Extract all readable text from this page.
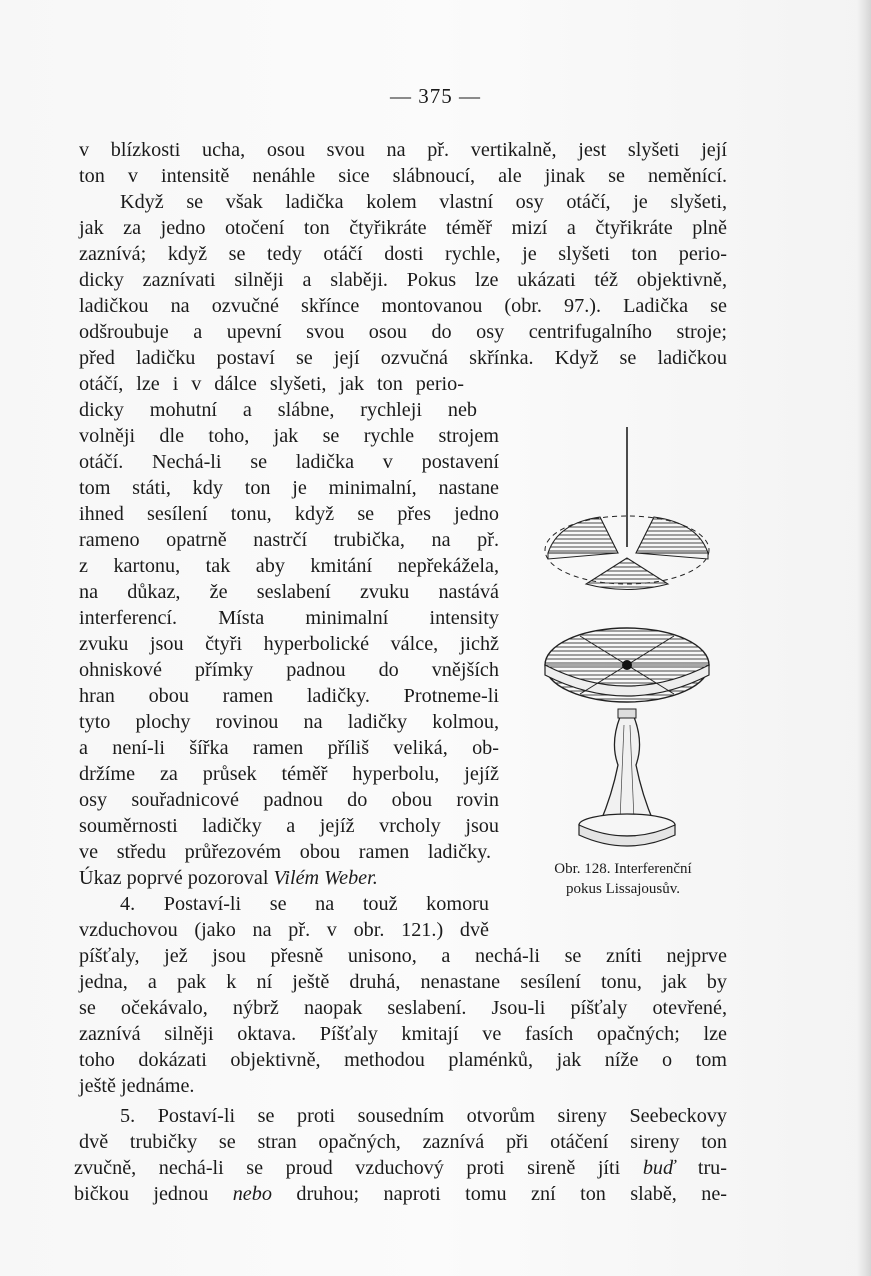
— 375 —
v blízkosti ucha, osou svou na př. vertikalně, jest slyšeti její
ton v intensitě nenáhle sice slábnoucí, ale jinak se neměnící.
Když se však ladička kolem vlastní osy otáčí, je slyšeti,
jak za jedno otočení ton čtyřikráte téměř mizí a čtyřikráte plně
zaznívá; když se tedy otáčí dosti rychle, je slyšeti ton perio-
dicky zaznívati silněji a slaběji. Pokus lze ukázati též objektivně,
ladičkou na ozvučné skřínce montovanou (obr. 97.). Ladička se
odšroubuje a upevní svou osou do osy centrifugalního stroje;
před ladičku postaví se její ozvučná skřínka. Když se ladičkou
otáčí, lze i v dálce slyšeti, jak ton perio-
dicky mohutní a slábne, rychleji neb
volněji dle toho, jak se rychle strojem
otáčí. Nechá-li se ladička v postavení
tom státi, kdy ton je minimalní, nastane
ihned sesílení tonu, když se přes jedno
rameno opatrně nastrčí trubička, na př.
z kartonu, tak aby kmitání nepřekážela,
na důkaz, že seslabení zvuku nastává
interferencí. Místa minimalní intensity
zvuku jsou čtyři hyperbolické válce, jichž
ohniskové přímky padnou do vnějších
hran obou ramen ladičky. Protneme-li
tyto plochy rovinou na ladičky kolmou,
a není-li šířka ramen příliš veliká, ob-
držíme za průsek téměř hyperbolu, jejíž
osy souřadnicové padnou do obou rovin
souměrnosti ladičky a jejíž vrcholy jsou
ve středu průřezovém obou ramen ladičky.
Úkaz poprvé pozoroval Vilém Weber.
4. Postaví-li se na touž komoru
vzduchovou (jako na př. v obr. 121.) dvě
píšťaly, jež jsou přesně unisono, a nechá-li se zníti nejprve
jedna, a pak k ní ještě druhá, nenastane sesílení tonu, jak by
se očekávalo, nýbrž naopak seslabení. Jsou-li píšťaly otevřené,
zaznívá silněji oktava. Píšťaly kmitají ve fasích opačných; lze
toho dokázati objektivně, methodou plaménků, jak níže o tom
ještě jednáme.
5. Postaví-li se proti sousedním otvorům sireny Seebeckovy
dvě trubičky se stran opačných, zaznívá při otáčení sireny ton
zvučně, nechá-li se proud vzduchový proti sireně jíti buď tru-
bičkou jednou nebo druhou; naproti tomu zní ton slabě, ne-
Obr. 128. Interferenční
pokus Lissajousův.
